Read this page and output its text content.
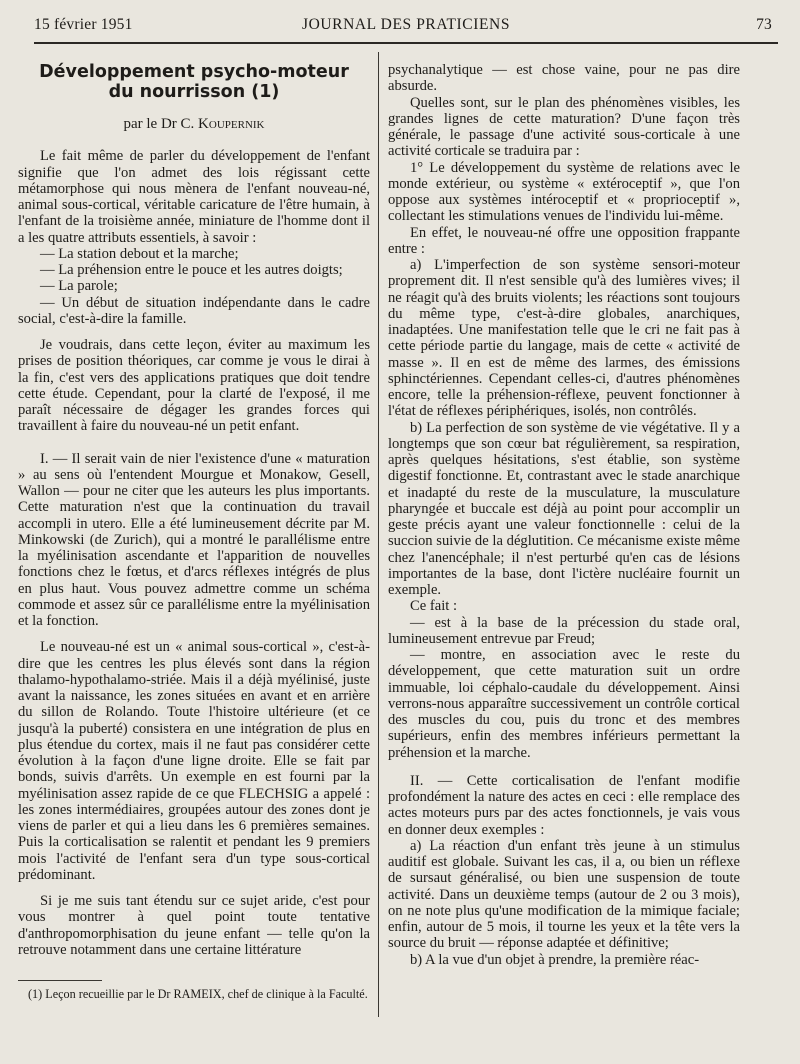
15 février 1951	JOURNAL DES PRATICIENS	73
Développement psycho-moteur
du nourrisson (1)
par le Dr C. Koupernik

Le fait même de parler du développement de l'enfant signifie que l'on admet des lois régissant cette métamorphose qui nous mènera de l'enfant nouveau-né, animal sous-cortical, véritable caricature de l'être humain, à l'enfant de la troisième année, miniature de l'homme dont il a les quatre attributs essentiels, à savoir :

— La station debout et la marche;

— La préhension entre le pouce et les autres doigts;

— La parole;

— Un début de situation indépendante dans le cadre social, c'est-à-dire la famille.

Je voudrais, dans cette leçon, éviter au maximum les prises de position théoriques, car comme je vous le dirai à la fin, c'est vers des applications pratiques que doit tendre cette étude. Cependant, pour la clarté de l'exposé, il me paraît nécessaire de dégager les grandes forces qui travaillent à faire du nouveau-né un petit enfant.

I. — Il serait vain de nier l'existence d'une « maturation » au sens où l'entendent Mourgue et Monakow, Gesell, Wallon — pour ne citer que les auteurs les plus importants. Cette maturation n'est que la continuation du travail accompli in utero. Elle a été lumineusement décrite par M. Minkowski (de Zurich), qui a montré le parallélisme entre la myélinisation ascendante et l'apparition de nouvelles fonctions chez le fœtus, et d'arcs réflexes intégrés de plus en plus haut. Vous pouvez admettre comme un schéma commode et assez sûr ce parallélisme entre la myélinisation et la fonction.

Le nouveau-né est un « animal sous-cortical », c'est-à-dire que les centres les plus élevés sont dans la région thalamo-hypothalamo-striée. Mais il a déjà myélinisé, juste avant la naissance, les zones situées en avant et en arrière du sillon de Rolando. Toute l'histoire ultérieure (et ce jusqu'à la puberté) consistera en une intégration de plus en plus étendue du cortex, mais il ne faut pas considérer cette évolution à la façon d'une ligne droite. Elle se fait par bonds, suivis d'arrêts. Un exemple en est fourni par la myélinisation assez rapide de ce que FLECHSIG a appelé : les zones intermédiaires, groupées autour des zones dont je viens de parler et qui a lieu dans les 6 premières semaines. Puis la corticalisation se ralentit et pendant les 9 premiers mois l'activité de l'enfant sera d'un type sous-cortical prédominant.

Si je me suis tant étendu sur ce sujet aride, c'est pour vous montrer à quel point toute tentative d'anthropomorphisation du jeune enfant — telle qu'on la retrouve notamment dans une certaine littérature

(1) Leçon recueillie par le Dr RAMEIX, chef de clinique à la Faculté.

psychanalytique — est chose vaine, pour ne pas dire absurde.

Quelles sont, sur le plan des phénomènes visibles, les grandes lignes de cette maturation? D'une façon très générale, le passage d'une activité sous-corticale à une activité corticale se traduira par :

1° Le développement du système de relations avec le monde extérieur, ou système « extéroceptif », que l'on oppose aux systèmes intéroceptif et « proprioceptif », collectant les stimulations venues de l'individu lui-même.

En effet, le nouveau-né offre une opposition frappante entre :

a) L'imperfection de son système sensori-moteur proprement dit. Il n'est sensible qu'à des lumières vives; il ne réagit qu'à des bruits violents; les réactions sont toujours du même type, c'est-à-dire globales, anarchiques, inadaptées. Une manifestation telle que le cri ne fait pas à cette période partie du langage, mais de cette « activité de masse ». Il en est de même des larmes, des émissions sphinctériennes. Cependant celles-ci, d'autres phénomènes encore, telle la préhension-réflexe, peuvent fonctionner à l'état de réflexes périphériques, isolés, non contrôlés.

b) La perfection de son système de vie végétative. Il y a longtemps que son cœur bat régulièrement, sa respiration, après quelques hésitations, s'est établie, son système digestif fonctionne. Et, contrastant avec le stade anarchique et inadapté du reste de la musculature, la musculature pharyngée et buccale est déjà au point pour accomplir un geste précis ayant une valeur fonctionnelle : celui de la succion suivie de la déglutition. Ce mécanisme existe même chez l'anencéphale; il n'est perturbé qu'en cas de lésions importantes de la base, dont l'ictère nucléaire fournit un exemple.

Ce fait :

— est à la base de la précession du stade oral, lumineusement entrevue par Freud;

— montre, en association avec le reste du développement, que cette maturation suit un ordre immuable, loi céphalo-caudale du développement. Ainsi verrons-nous apparaître successivement un contrôle cortical des muscles du cou, puis du tronc et des membres supérieurs, enfin des membres inférieurs permettant la préhension et la marche.

II. — Cette corticalisation de l'enfant modifie profondément la nature des actes en ceci : elle remplace des actes moteurs purs par des actes fonctionnels, je vais vous en donner deux exemples :

a) La réaction d'un enfant très jeune à un stimulus auditif est globale. Suivant les cas, il a, ou bien un réflexe de sursaut généralisé, ou bien une suspension de toute activité. Dans un deuxième temps (autour de 2 ou 3 mois), on ne note plus qu'une modification de la mimique faciale; enfin, autour de 5 mois, il tourne les yeux et la tête vers la source du bruit — réponse adaptée et définitive;

b) A la vue d'un objet à prendre, la première réac-
